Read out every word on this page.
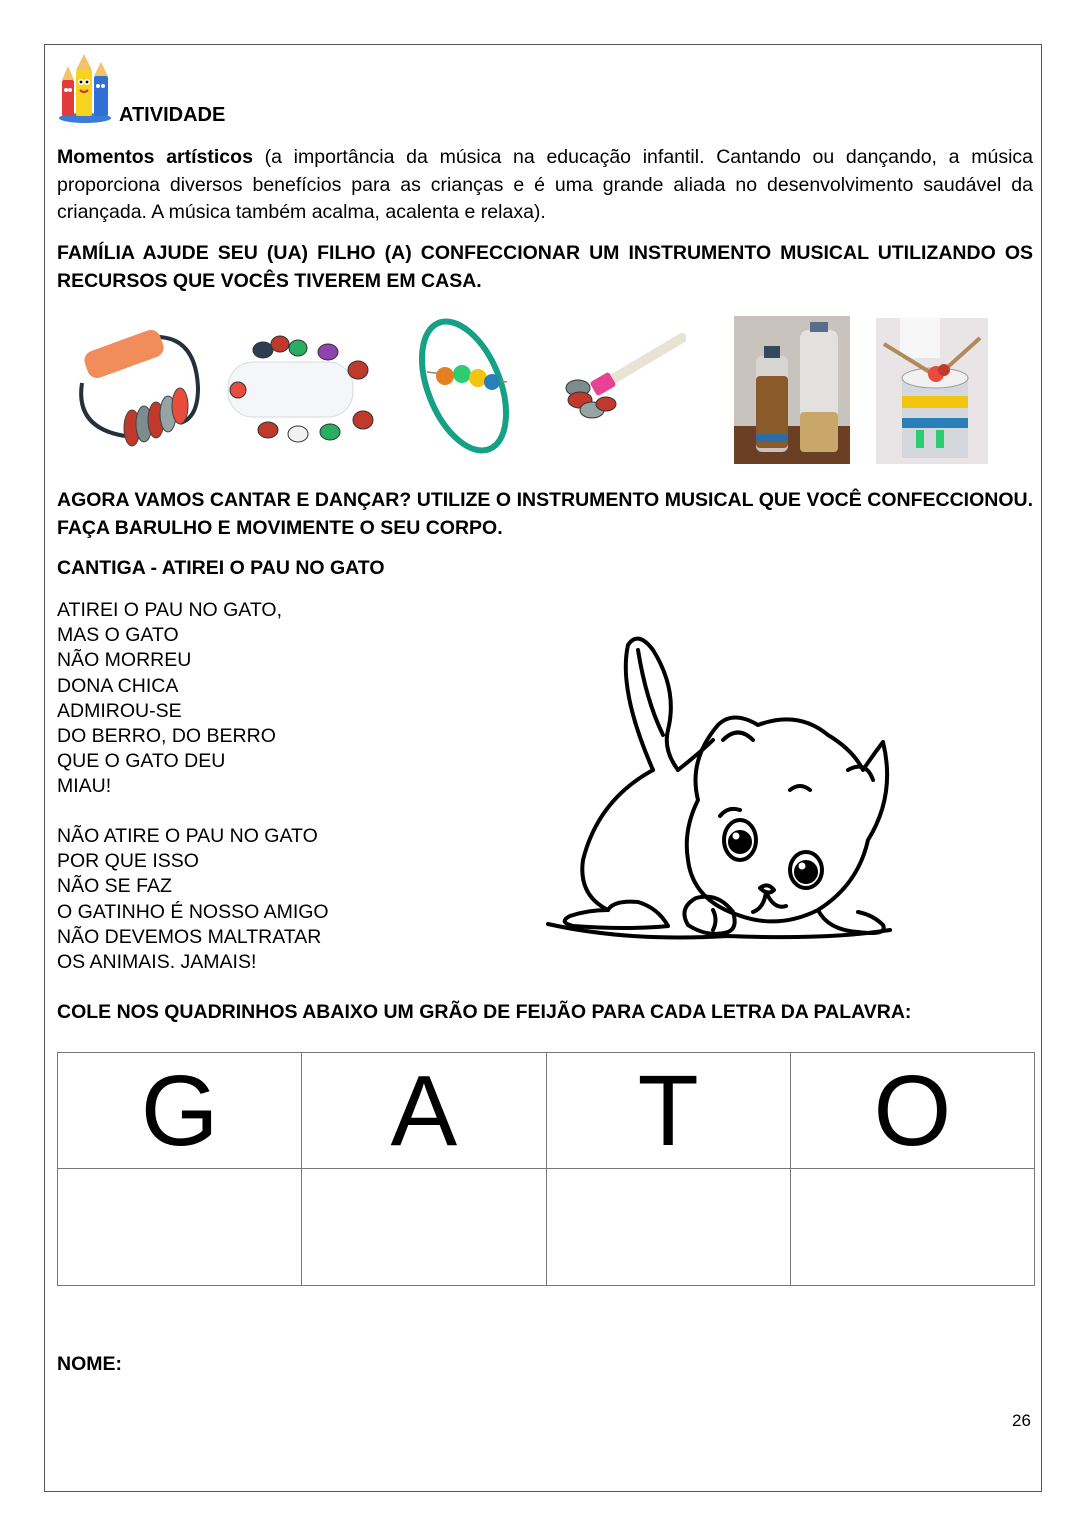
ATIVIDADE
Momentos artísticos (a importância da música na educação infantil. Cantando ou dançando, a música proporciona diversos benefícios para as crianças e é uma grande aliada no desenvolvimento saudável da criançada. A música também acalma, acalenta e relaxa).
FAMÍLIA AJUDE SEU (UA) FILHO (A) CONFECCIONAR UM INSTRUMENTO MUSICAL UTILIZANDO OS RECURSOS QUE VOCÊS TIVEREM EM CASA.
AGORA VAMOS CANTAR E DANÇAR? UTILIZE O INSTRUMENTO MUSICAL QUE VOCÊ CONFECCIONOU. FAÇA BARULHO E MOVIMENTE O SEU CORPO.
CANTIGA - ATIREI O PAU NO GATO
ATIREI O PAU NO GATO,
MAS O GATO
NÃO MORREU
DONA CHICA
ADMIROU-SE
DO BERRO, DO BERRO
QUE O GATO DEU
MIAU!
NÃO ATIRE O PAU NO GATO
POR QUE ISSO
NÃO SE FAZ
O GATINHO É NOSSO AMIGO
NÃO DEVEMOS MALTRATAR
OS ANIMAIS. JAMAIS!
COLE NOS QUADRINHOS ABAIXO UM GRÃO DE FEIJÃO PARA CADA LETRA DA PALAVRA:
G	A	T	O

NOME:
26
